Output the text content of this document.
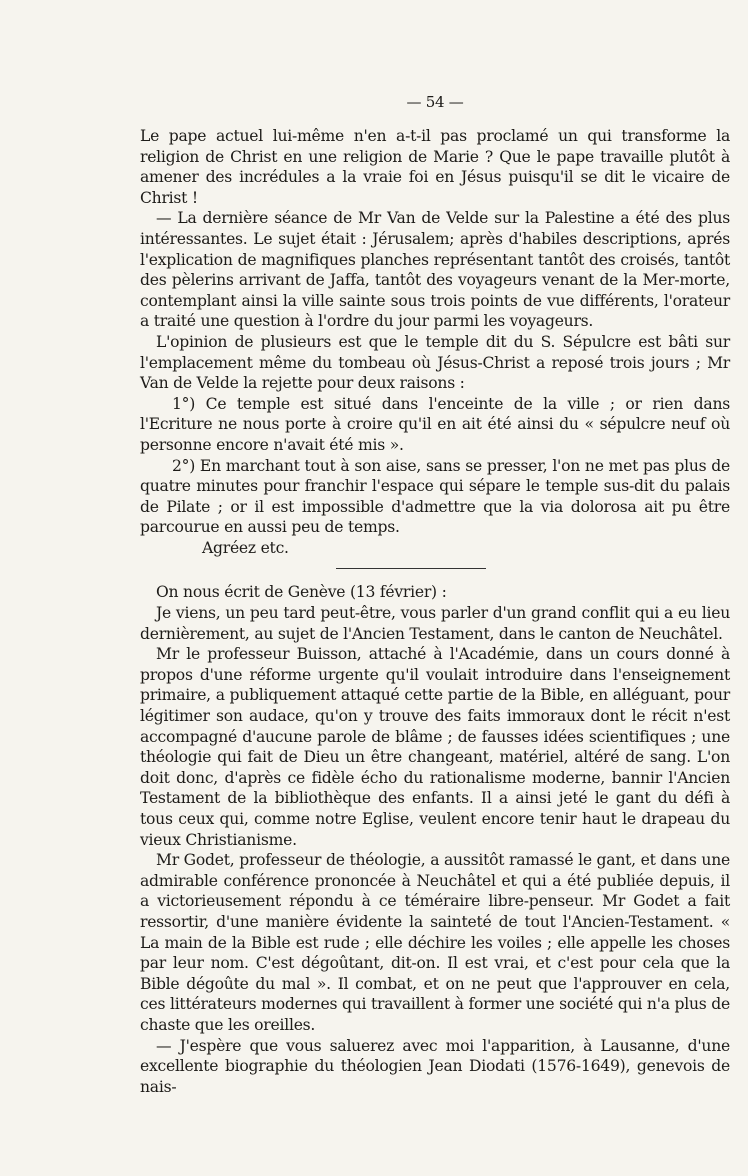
— 54 —

Le pape actuel lui-même n'en a-t-il pas proclamé un qui transforme la religion de Christ en une religion de Marie ? Que le pape travaille plutôt à amener des incrédules a la vraie foi en Jésus puisqu'il se dit le vicaire de Christ !

— La dernière séance de Mr Van de Velde sur la Palestine a été des plus intéressantes. Le sujet était : Jérusalem; après d'habiles descriptions, aprés l'explication de magnifiques planches représentant tantôt des croisés, tantôt des pèlerins arrivant de Jaffa, tantôt des voyageurs venant de la Mer-morte, contemplant ainsi la ville sainte sous trois points de vue différents, l'orateur a traité une question à l'ordre du jour parmi les voyageurs.

L'opinion de plusieurs est que le temple dit du S. Sépulcre est bâti sur l'emplacement même du tombeau où Jésus-Christ a reposé trois jours ; Mr Van de Velde la rejette pour deux raisons :

1°) Ce temple est situé dans l'enceinte de la ville ; or rien dans l'Ecriture ne nous porte à croire qu'il en ait été ainsi du « sépulcre neuf où personne encore n'avait été mis ».

2°) En marchant tout à son aise, sans se presser, l'on ne met pas plus de quatre minutes pour franchir l'espace qui sépare le temple sus-dit du palais de Pilate ; or il est impossible d'admettre que la via dolorosa ait pu être parcourue en aussi peu de temps.

Agréez etc.

On nous écrit de Genève (13 février) :

Je viens, un peu tard peut-être, vous parler d'un grand conflit qui a eu lieu dernièrement, au sujet de l'Ancien Testament, dans le canton de Neuchâtel.

Mr le professeur Buisson, attaché à l'Académie, dans un cours donné à propos d'une réforme urgente qu'il voulait introduire dans l'enseignement primaire, a publiquement attaqué cette partie de la Bible, en alléguant, pour légitimer son audace, qu'on y trouve des faits immoraux dont le récit n'est accompagné d'aucune parole de blâme ; de fausses idées scientifiques ; une théologie qui fait de Dieu un être changeant, matériel, altéré de sang. L'on doit donc, d'après ce fidèle écho du rationalisme moderne, bannir l'Ancien Testament de la bibliothèque des enfants. Il a ainsi jeté le gant du défi à tous ceux qui, comme notre Eglise, veulent encore tenir haut le drapeau du vieux Christianisme.

Mr Godet, professeur de théologie, a aussitôt ramassé le gant, et dans une admirable conférence prononcée à Neuchâtel et qui a été publiée depuis, il a victorieusement répondu à ce téméraire libre-penseur. Mr Godet a fait ressortir, d'une manière évidente la sainteté de tout l'Ancien-Testament. « La main de la Bible est rude ; elle déchire les voiles ; elle appelle les choses par leur nom. C'est dégoûtant, dit-on. Il est vrai, et c'est pour cela que la Bible dégoûte du mal ». Il combat, et on ne peut que l'approuver en cela, ces littérateurs modernes qui travaillent à former une société qui n'a plus de chaste que les oreilles.

— J'espère que vous saluerez avec moi l'apparition, à Lausanne, d'une excellente biographie du théologien Jean Diodati (1576-1649), genevois de nais-
